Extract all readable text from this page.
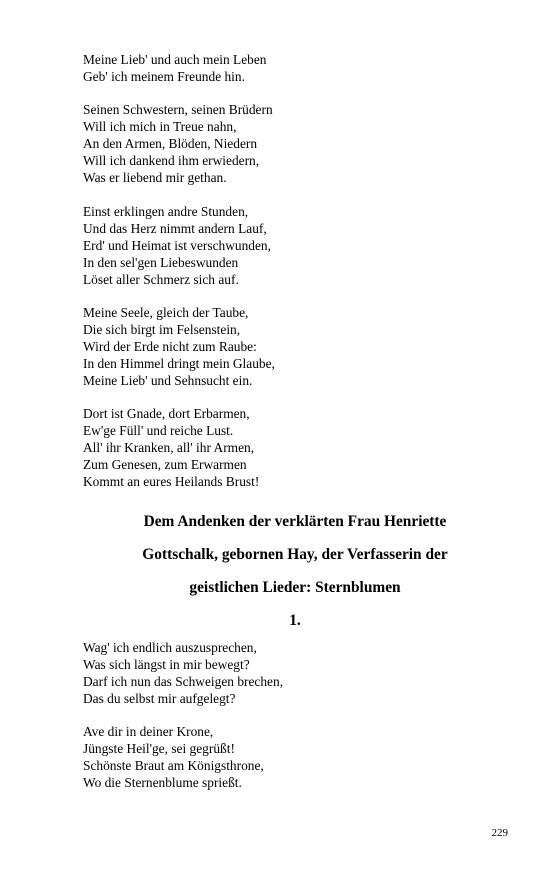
Meine Lieb' und auch mein Leben
Geb' ich meinem Freunde hin.
Seinen Schwestern, seinen Brüdern
Will ich mich in Treue nahn,
An den Armen, Blöden, Niedern
Will ich dankend ihm erwiedern,
Was er liebend mir gethan.
Einst erklingen andre Stunden,
Und das Herz nimmt andern Lauf,
Erd' und Heimat ist verschwunden,
In den sel'gen Liebeswunden
Löset aller Schmerz sich auf.
Meine Seele, gleich der Taube,
Die sich birgt im Felsenstein,
Wird der Erde nicht zum Raube:
In den Himmel dringt mein Glaube,
Meine Lieb' und Sehnsucht ein.
Dort ist Gnade, dort Erbarmen,
Ew'ge Füll' und reiche Lust.
All' ihr Kranken, all' ihr Armen,
Zum Genesen, zum Erwarmen
Kommt an eures Heilands Brust!
Dem Andenken der verklärten Frau Henriette
Gottschalk, gebornen Hay, der Verfasserin der
geistlichen Lieder: Sternblumen
1.
Wag' ich endlich auszusprechen,
Was sich längst in mir bewegt?
Darf ich nun das Schweigen brechen,
Das du selbst mir aufgelegt?
Ave dir in deiner Krone,
Jüngste Heil'ge, sei gegrüßt!
Schönste Braut am Königsthrone,
Wo die Sternenblume sprießt.
229
